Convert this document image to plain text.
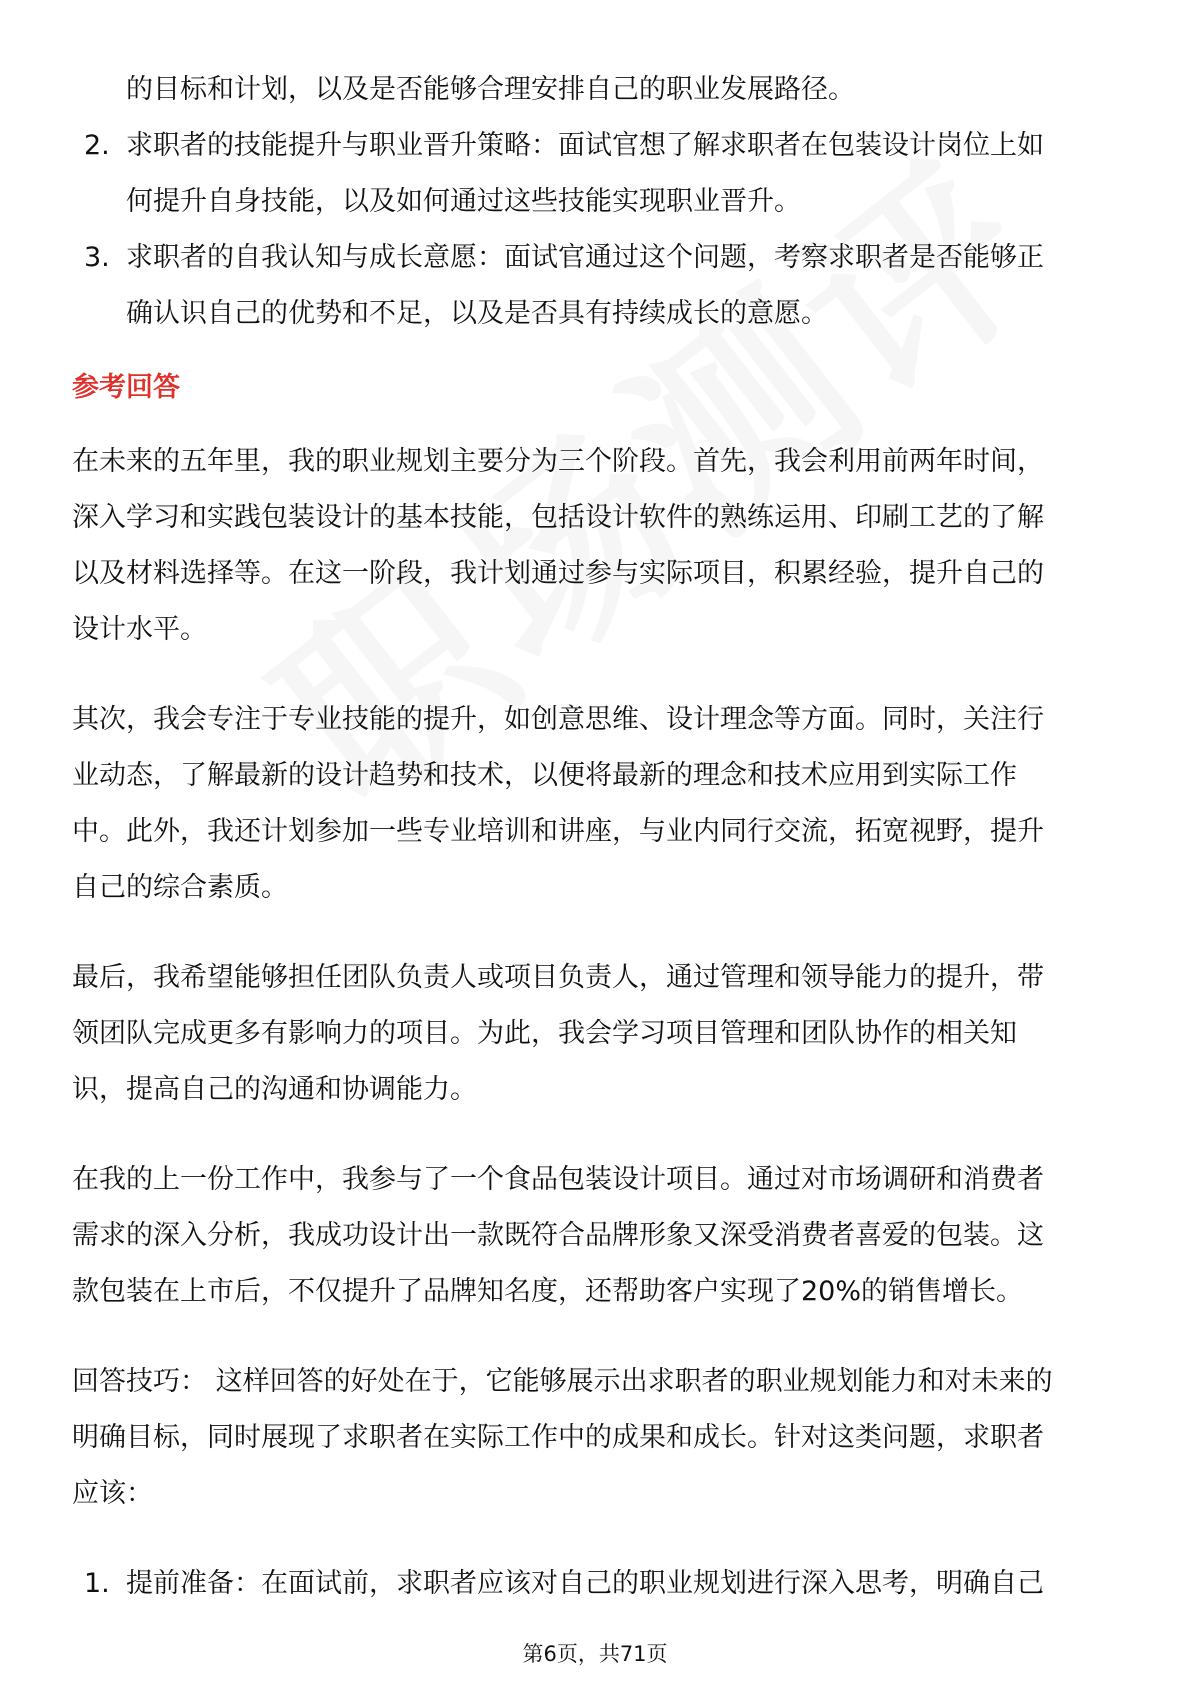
的目标和计划，以及是否能够合理安排自己的职业发展路径。
2. 求职者的技能提升与职业晋升策略：面试官想了解求职者在包装设计岗位上如
何提升自身技能，以及如何通过这些技能实现职业晋升。
3. 求职者的自我认知与成长意愿：面试官通过这个问题，考察求职者是否能够正
确认识自己的优势和不足，以及是否具有持续成长的意愿。
参考回答
在未来的五年里，我的职业规划主要分为三个阶段。首先，我会利用前两年时间，
深入学习和实践包装设计的基本技能，包括设计软件的熟练运用、印刷工艺的了解
以及材料选择等。在这一阶段，我计划通过参与实际项目，积累经验，提升自己的
设计水平。
其次，我会专注于专业技能的提升，如创意思维、设计理念等方面。同时，关注行
业动态，了解最新的设计趋势和技术，以便将最新的理念和技术应用到实际工作
中。此外，我还计划参加一些专业培训和讲座，与业内同行交流，拓宽视野，提升
自己的综合素质。
最后，我希望能够担任团队负责人或项目负责人，通过管理和领导能力的提升，带
领团队完成更多有影响力的项目。为此，我会学习项目管理和团队协作的相关知
识，提高自己的沟通和协调能力。
在我的上一份工作中，我参与了一个食品包装设计项目。通过对市场调研和消费者
需求的深入分析，我成功设计出一款既符合品牌形象又深受消费者喜爱的包装。这
款包装在上市后，不仅提升了品牌知名度，还帮助客户实现了20%的销售增长。
回答技巧： 这样回答的好处在于，它能够展示出求职者的职业规划能力和对未来的
明确目标，同时展现了求职者在实际工作中的成果和成长。针对这类问题，求职者
应该：
1. 提前准备：在面试前，求职者应该对自己的职业规划进行深入思考，明确自己
第6页，共71页
